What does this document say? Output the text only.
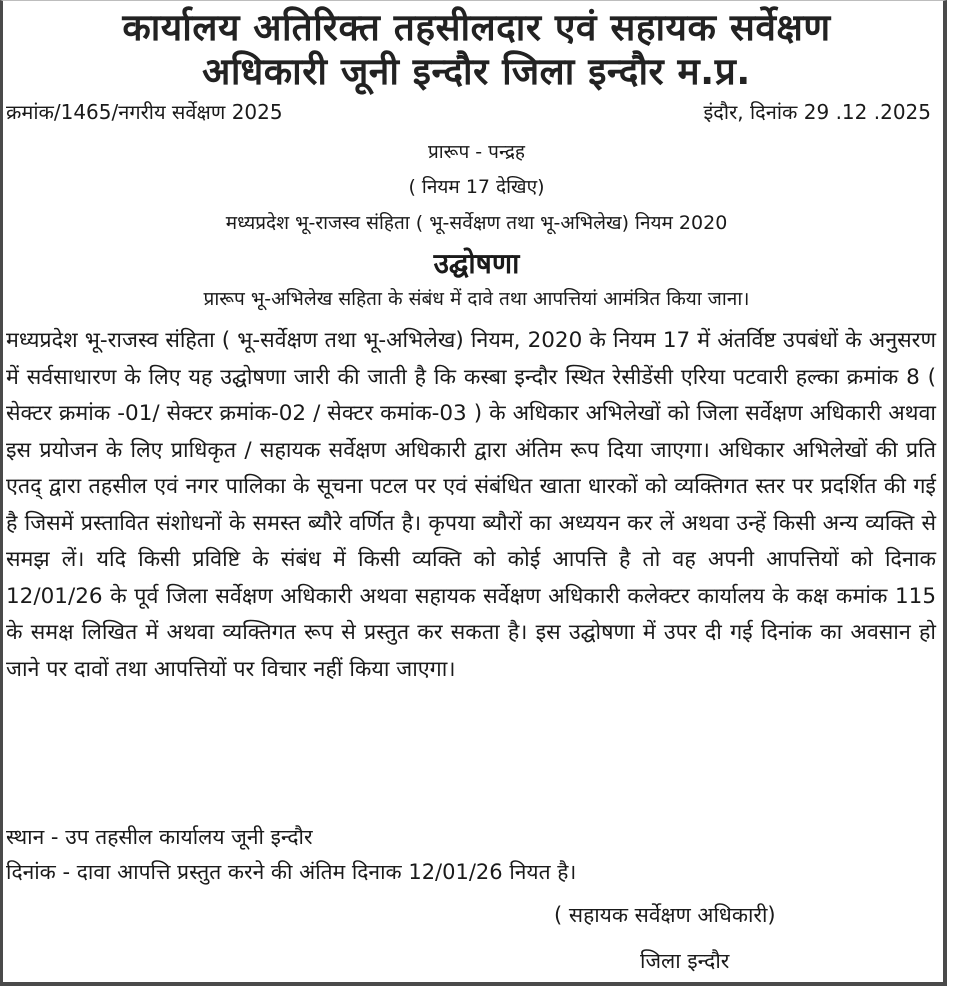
कार्यालय अतिरिक्त तहसीलदार एवं सहायक सर्वेक्षण
अधिकारी जूनी इन्दौर जिला इन्दौर म.प्र.
क्रमांक/1465/नगरीय सर्वेक्षण 2025	इंदौर, दिनांक 29 .12 .2025
प्रारूप - पन्द्रह
( नियम 17 देखिए)
मध्यप्रदेश भू-राजस्व संहिता ( भू-सर्वेक्षण तथा भू-अभिलेख) नियम 2020
उद्घोषणा
प्रारूप भू-अभिलेख सहिता के संबंध में दावे तथा आपत्तियां आमंत्रित किया जाना।

मध्यप्रदेश भू-राजस्व संहिता ( भू-सर्वेक्षण तथा भू-अभिलेख) नियम, 2020 के नियम 17 में अंतर्विष्ट उपबंधों के अनुसरण में सर्वसाधारण के लिए यह उद्घोषणा जारी की जाती है कि कस्बा इन्दौर स्थित रेसीडेंसी एरिया पटवारी हल्का क्रमांक 8 ( सेक्टर क्रमांक -01/ सेक्टर क्रमांक-02 / सेक्टर कमांक-03 ) के अधिकार अभिलेखों को जिला सर्वेक्षण अधिकारी अथवा इस प्रयोजन के लिए प्राधिकृत / सहायक सर्वेक्षण अधिकारी द्वारा अंतिम रूप दिया जाएगा। अधिकार अभिलेखों की प्रति एतद् द्वारा तहसील एवं नगर पालिका के सूचना पटल पर एवं संबंधित खाता धारकों को व्यक्तिगत स्तर पर प्रदर्शित की गई है जिसमें प्रस्तावित संशोधनों के समस्त ब्यौरे वर्णित है। कृपया ब्यौरों का अध्ययन कर लें अथवा उन्हें किसी अन्य व्यक्ति से समझ लें। यदि किसी प्रविष्टि के संबंध में किसी व्यक्ति को कोई आपत्ति है तो वह अपनी आपत्तियों को दिनाक 12/01/26 के पूर्व जिला सर्वेक्षण अधिकारी अथवा सहायक सर्वेक्षण अधिकारी कलेक्टर कार्यालय के कक्ष कमांक 115 के समक्ष लिखित में अथवा व्यक्तिगत रूप से प्रस्तुत कर सकता है। इस उद्घोषणा में उपर दी गई दिनांक का अवसान हो जाने पर दावों तथा आपत्तियों पर विचार नहीं किया जाएगा।

स्थान - उप तहसील कार्यालय जूनी इन्दौर
दिनांक - दावा आपत्ति प्रस्तुत करने की अंतिम दिनाक 12/01/26 नियत है।
( सहायक सर्वेक्षण अधिकारी)
जिला इन्दौर
